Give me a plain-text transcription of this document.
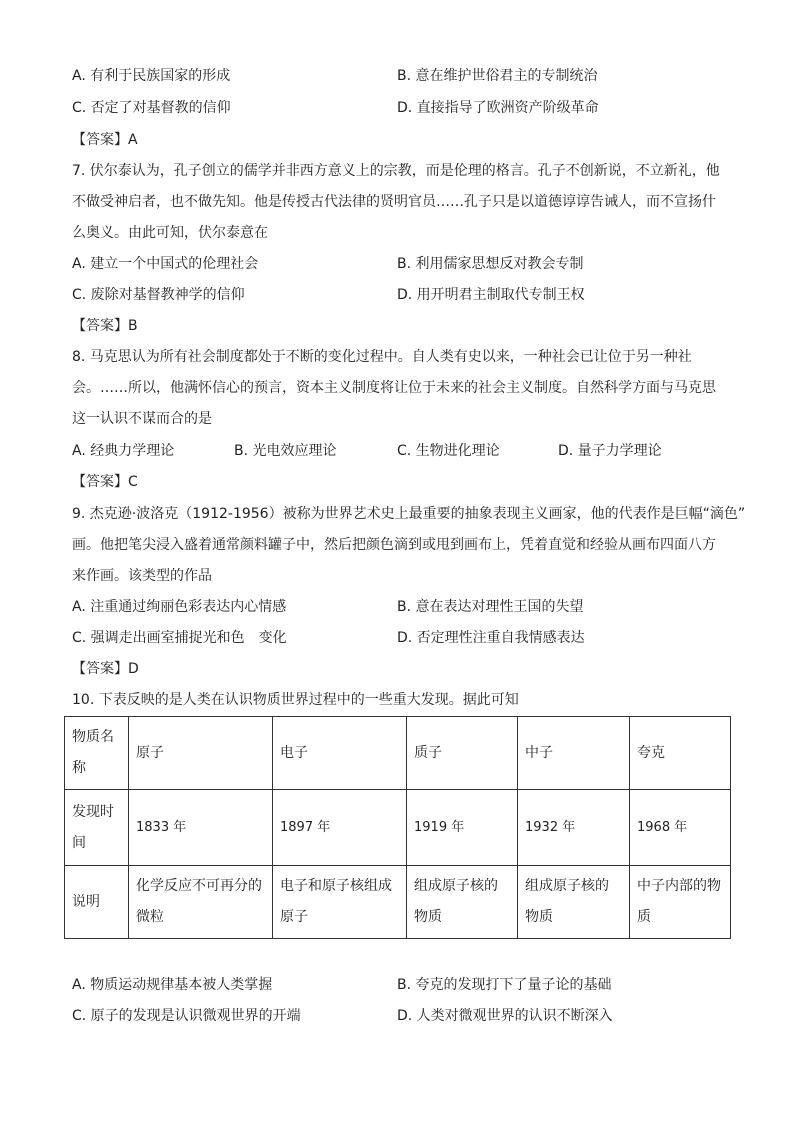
A. 有利于民族国家的形成	B. 意在维护世俗君主的专制统治
C. 否定了对基督教的信仰	D. 直接指导了欧洲资产阶级革命
【答案】A
7. 伏尔泰认为，孔子创立的儒学并非西方意义上的宗教，而是伦理的格言。孔子不创新说，不立新礼，他
不做受神启者，也不做先知。他是传授古代法律的贤明官员……孔子只是以道德谆谆告诫人，而不宣扬什
么奥义。由此可知，伏尔泰意在
A. 建立一个中国式的伦理社会	B. 利用儒家思想反对教会专制
C. 废除对基督教神学的信仰	D. 用开明君主制取代专制王权
【答案】B
8. 马克思认为所有社会制度都处于不断的变化过程中。自人类有史以来，一种社会已让位于另一种社
会。……所以，他满怀信心的预言，资本主义制度将让位于未来的社会主义制度。自然科学方面与马克思
这一认识不谋而合的是
A. 经典力学理论	B. 光电效应理论	C. 生物进化理论	D. 量子力学理论
【答案】C
9. 杰克逊·波洛克（1912-1956）被称为世界艺术史上最重要的抽象表现主义画家，他的代表作是巨幅“滴色”
画。他把笔尖浸入盛着通常颜料罐子中，然后把颜色滴到或甩到画布上，凭着直觉和经验从画布四面八方
来作画。该类型的作品
A. 注重通过绚丽色彩表达内心情感	B. 意在表达对理性王国的失望
C. 强调走出画室捕捉光和色　变化	D. 否定理性注重自我情感表达
【答案】D
10. 下表反映的是人类在认识物质世界过程中的一些重大发现。据此可知
物质名称	原子	电子	质子	中子	夸克
发现时间	1833 年	1897 年	1919 年	1932 年	1968 年
说明	化学反应不可再分的微粒	电子和原子核组成原子	组成原子核的物质	组成原子核的物质	中子内部的物质
A. 物质运动规律基本被人类掌握	B. 夸克的发现打下了量子论的基础
C. 原子的发现是认识微观世界的开端	D. 人类对微观世界的认识不断深入
